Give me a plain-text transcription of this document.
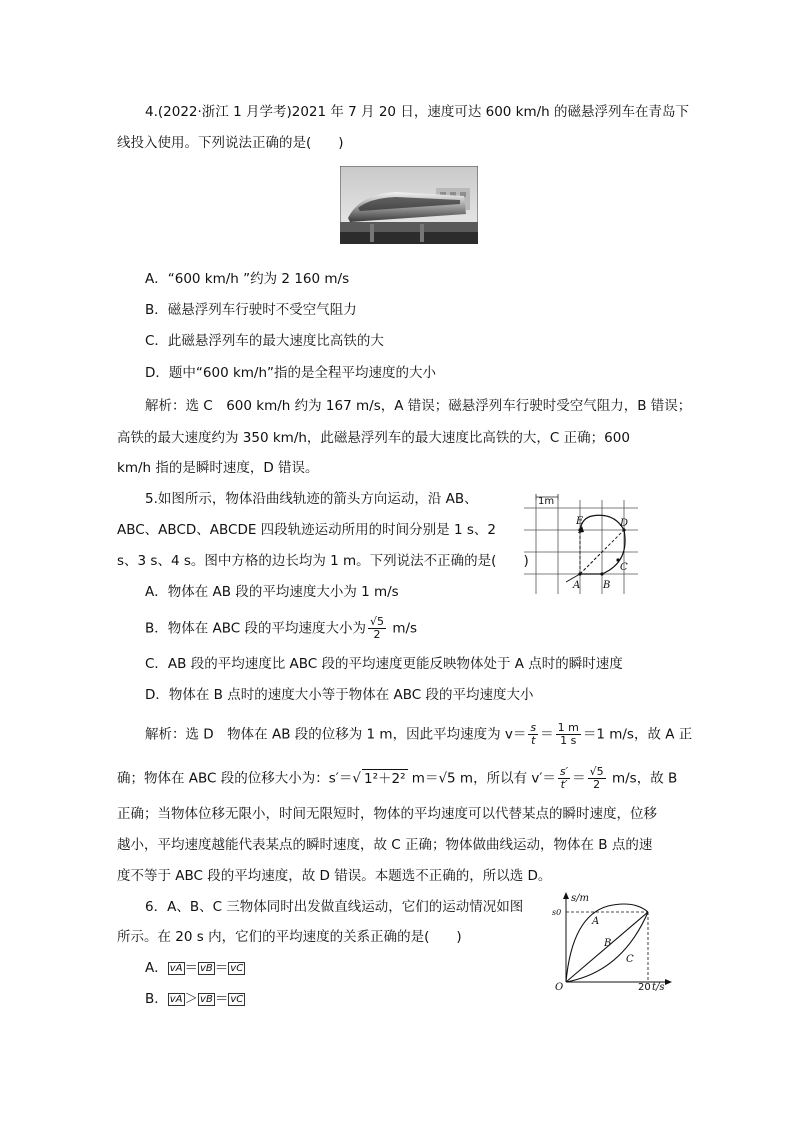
4.(2022·浙江 1 月学考)2021 年 7 月 20 日，速度可达 600 km/h 的磁悬浮列车在青岛下
线投入使用。下列说法正确的是(　　)
A．“600 km/h ”约为 2 160 m/s
B．磁悬浮列车行驶时不受空气阻力
C．此磁悬浮列车的最大速度比高铁的大
D．题中“600 km/h”指的是全程平均速度的大小
解析：选 C　600 km/h 约为 167 m/s，A 错误；磁悬浮列车行驶时受空气阻力，B 错误；
高铁的最大速度约为 350 km/h，此磁悬浮列车的最大速度比高铁的大，C 正确；600
km/h 指的是瞬时速度，D 错误。
5.如图所示，物体沿曲线轨迹的箭头方向运动，沿 AB、
ABC、ABCD、ABCDE 四段轨迹运动所用的时间分别是 1 s、2
s、3 s、4 s。图中方格的边长均为 1 m。下列说法不正确的是(　　)
1m
A B
C
D
E
A．物体在 AB 段的平均速度大小为 1 m/s
B．物体在 ABC 段的平均速度大小为 $\frac{√5}{2} m/s$
C．AB 段的平均速度比 ABC 段的平均速度更能反映物体处于 A 点时的瞬时速度
D．物体在 B 点时的速度大小等于物体在 ABC 段的平均速度大小
解析：选 D　物体在 AB 段的位移为 1 m，因此平均速度为 $v= \frac{s}{t} = \frac{1 m}{1 s} =1$ m/s，故 A 正
确；物体在 ABC 段的位移大小为：s′＝√ 1²＋2² m＝√5 m，所以有 $v'= \frac{s'}{t'} = \frac{√5}{2} m/s$，故 B
正确；当物体位移无限小，时间无限短时，物体的平均速度可以代替某点的瞬时速度，位移
越小，平均速度越能代表某点的瞬时速度，故 C 正确；物体做曲线运动，物体在 B 点的速
度不等于 ABC 段的平均速度，故 D 错误。本题选不正确的，所以选 D。
6．A、B、C 三物体同时出发做直线运动，它们的运动情况如图
所示。在 20 s 内，它们的平均速度的关系正确的是(　　)
s/m
s0
O	20 t/s
A
B
C
A． vA ＝ vB ＝ vC
B． vA ＞ vB ＝ vC
